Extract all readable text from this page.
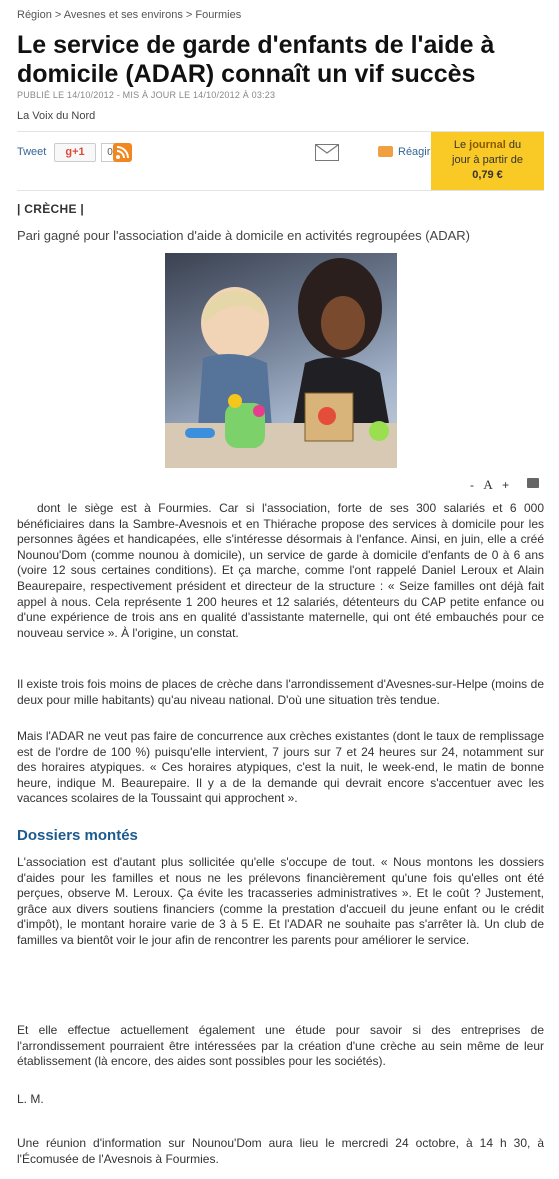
Région > Avesnes et ses environs > Fourmies
Le service de garde d'enfants de l'aide à domicile (ADAR) connaît un vif succès
PUBLIÉ LE 14/10/2012 - MIS À JOUR LE 14/10/2012 À 03:23
La Voix du Nord
Tweet	g+1	0	Réagir
Le journal du
jour à partir de
0,79 €
| CRÈCHE |
Pari gagné pour l'association d'aide à domicile en activités regroupées (ADAR)
- A +

dont le siège est à Fourmies. Car si l'association, forte de ses 300 salariés et 6 000 bénéficiaires dans la Sambre-Avesnois et en Thiérache propose des services à domicile pour les personnes âgées et handicapées, elle s'intéresse désormais à l'enfance. Ainsi, en juin, elle a créé Nounou'Dom (comme nounou à domicile), un service de garde à domicile d'enfants de 0 à 6 ans (voire 12 sous certaines conditions). Et ça marche, comme l'ont rappelé Daniel Leroux et Alain Beaurepaire, respectivement président et directeur de la structure : « Seize familles ont déjà fait appel à nous. Cela représente 1 200 heures et 12 salariés, détenteurs du CAP petite enfance ou d'une expérience de trois ans en qualité d'assistante maternelle, qui ont été embauchés pour ce nouveau service ». À l'origine, un constat.

Il existe trois fois moins de places de crèche dans l'arrondissement d'Avesnes-sur-Helpe (moins de deux pour mille habitants) qu'au niveau national. D'où une situation très tendue.

Mais l'ADAR ne veut pas faire de concurrence aux crèches existantes (dont le taux de remplissage est de l'ordre de 100 %) puisqu'elle intervient, 7 jours sur 7 et 24 heures sur 24, notamment sur des horaires atypiques. « Ces horaires atypiques, c'est la nuit, le week-end, le matin de bonne heure, indique M. Beaurepaire. Il y a de la demande qui devrait encore s'accentuer avec les vacances scolaires de la Toussaint qui approchent ».

Dossiers montés

L'association est d'autant plus sollicitée qu'elle s'occupe de tout. « Nous montons les dossiers d'aides pour les familles et nous ne les prélevons financièrement qu'une fois qu'elles ont été perçues, observe M. Leroux. Ça évite les tracasseries administratives ». Et le coût ? Justement, grâce aux divers soutiens financiers (comme la prestation d'accueil du jeune enfant ou le crédit d'impôt), le montant horaire varie de 3 à 5 E. Et l'ADAR ne souhaite pas s'arrêter là. Un club de familles va bientôt voir le jour afin de rencontrer les parents pour améliorer le service.

Et elle effectue actuellement également une étude pour savoir si des entreprises de l'arrondissement pourraient être intéressées par la création d'une crèche au sein même de leur établissement (là encore, des aides sont possibles pour les sociétés).

L. M.

Une réunion d'information sur Nounou'Dom aura lieu le mercredi 24 octobre, à 14 h 30, à l'Écomusée de l'Avesnois à Fourmies.
